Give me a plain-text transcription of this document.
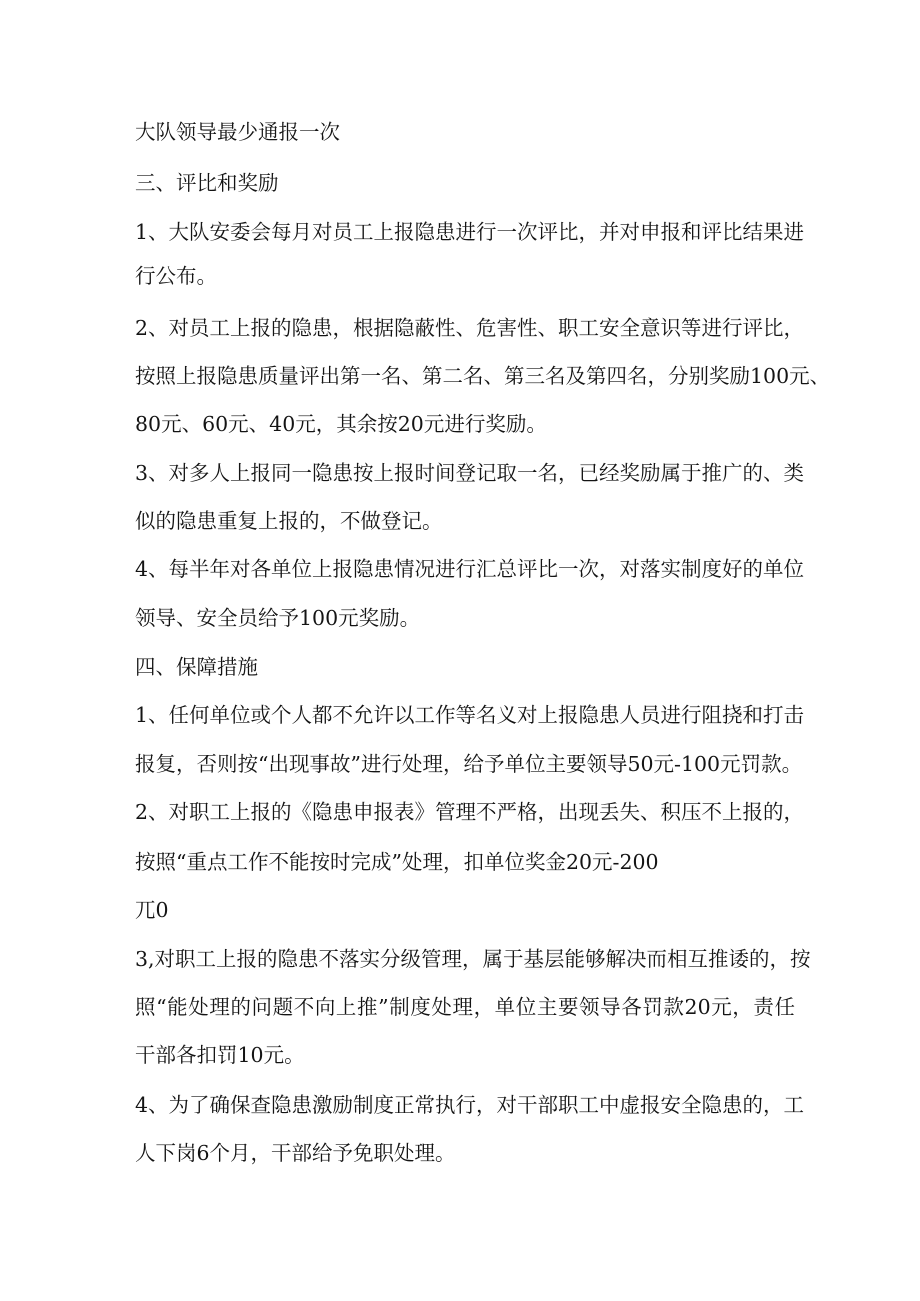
大队领导最少通报一次

三、评比和奖励

1、大队安委会每月对员工上报隐患进行一次评比，并对申报和评比结果进

行公布。

2、对员工上报的隐患，根据隐蔽性、危害性、职工安全意识等进行评比，

按照上报隐患质量评出第一名、第二名、第三名及第四名，分别奖励100元、

80元、60元、40元，其余按20元进行奖励。

3、对多人上报同一隐患按上报时间登记取一名，已经奖励属于推广的、类

似的隐患重复上报的，不做登记。

4、每半年对各单位上报隐患情况进行汇总评比一次，对落实制度好的单位

领导、安全员给予100元奖励。

四、保障措施

1、任何单位或个人都不允许以工作等名义对上报隐患人员进行阻挠和打击

报复，否则按“出现事故”进行处理，给予单位主要领导50元-100元罚款。

2、对职工上报的《隐患申报表》管理不严格，出现丢失、积压不上报的，

按照“重点工作不能按时完成”处理，扣单位奖金20元-200

兀0

3,对职工上报的隐患不落实分级管理，属于基层能够解决而相互推诿的，按

照“能处理的问题不向上推”制度处理，单位主要领导各罚款20元，责任

干部各扣罚10元。

4、为了确保查隐患激励制度正常执行，对干部职工中虚报安全隐患的，工

人下岗6个月，干部给予免职处理。
